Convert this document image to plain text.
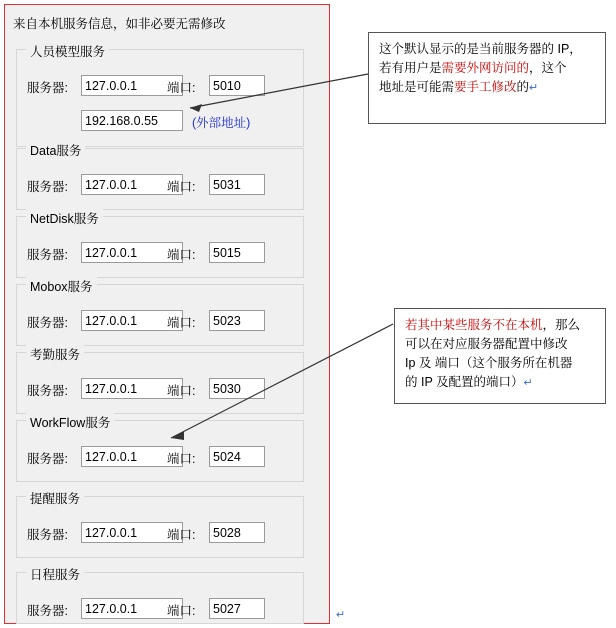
来自本机服务信息，如非必要无需修改
人员模型服务
服务器:
127.0.0.1	端口:
5010
192.168.0.55
(外部地址)
Data服务
服务器:
127.0.0.1	端口:
5031
NetDisk服务
服务器:
127.0.0.1	端口:
5015
Mobox服务
服务器:
127.0.0.1	端口:
5023
考勤服务
服务器:
127.0.0.1	端口:
5030
WorkFlow服务
服务器:
127.0.0.1	端口:
5024
提醒服务
服务器:
127.0.0.1	端口:
5028
日程服务
服务器:
127.0.0.1	端口:
5027
这个默认显示的是当前服务器的 IP，
若有用户是需要外网访问的，这个
地址是可能需要手工修改的↵
若其中某些服务不在本机，那么
可以在对应服务器配置中修改
Ip 及 端口（这个服务所在机器
的 IP 及配置的端口）↵
↵
